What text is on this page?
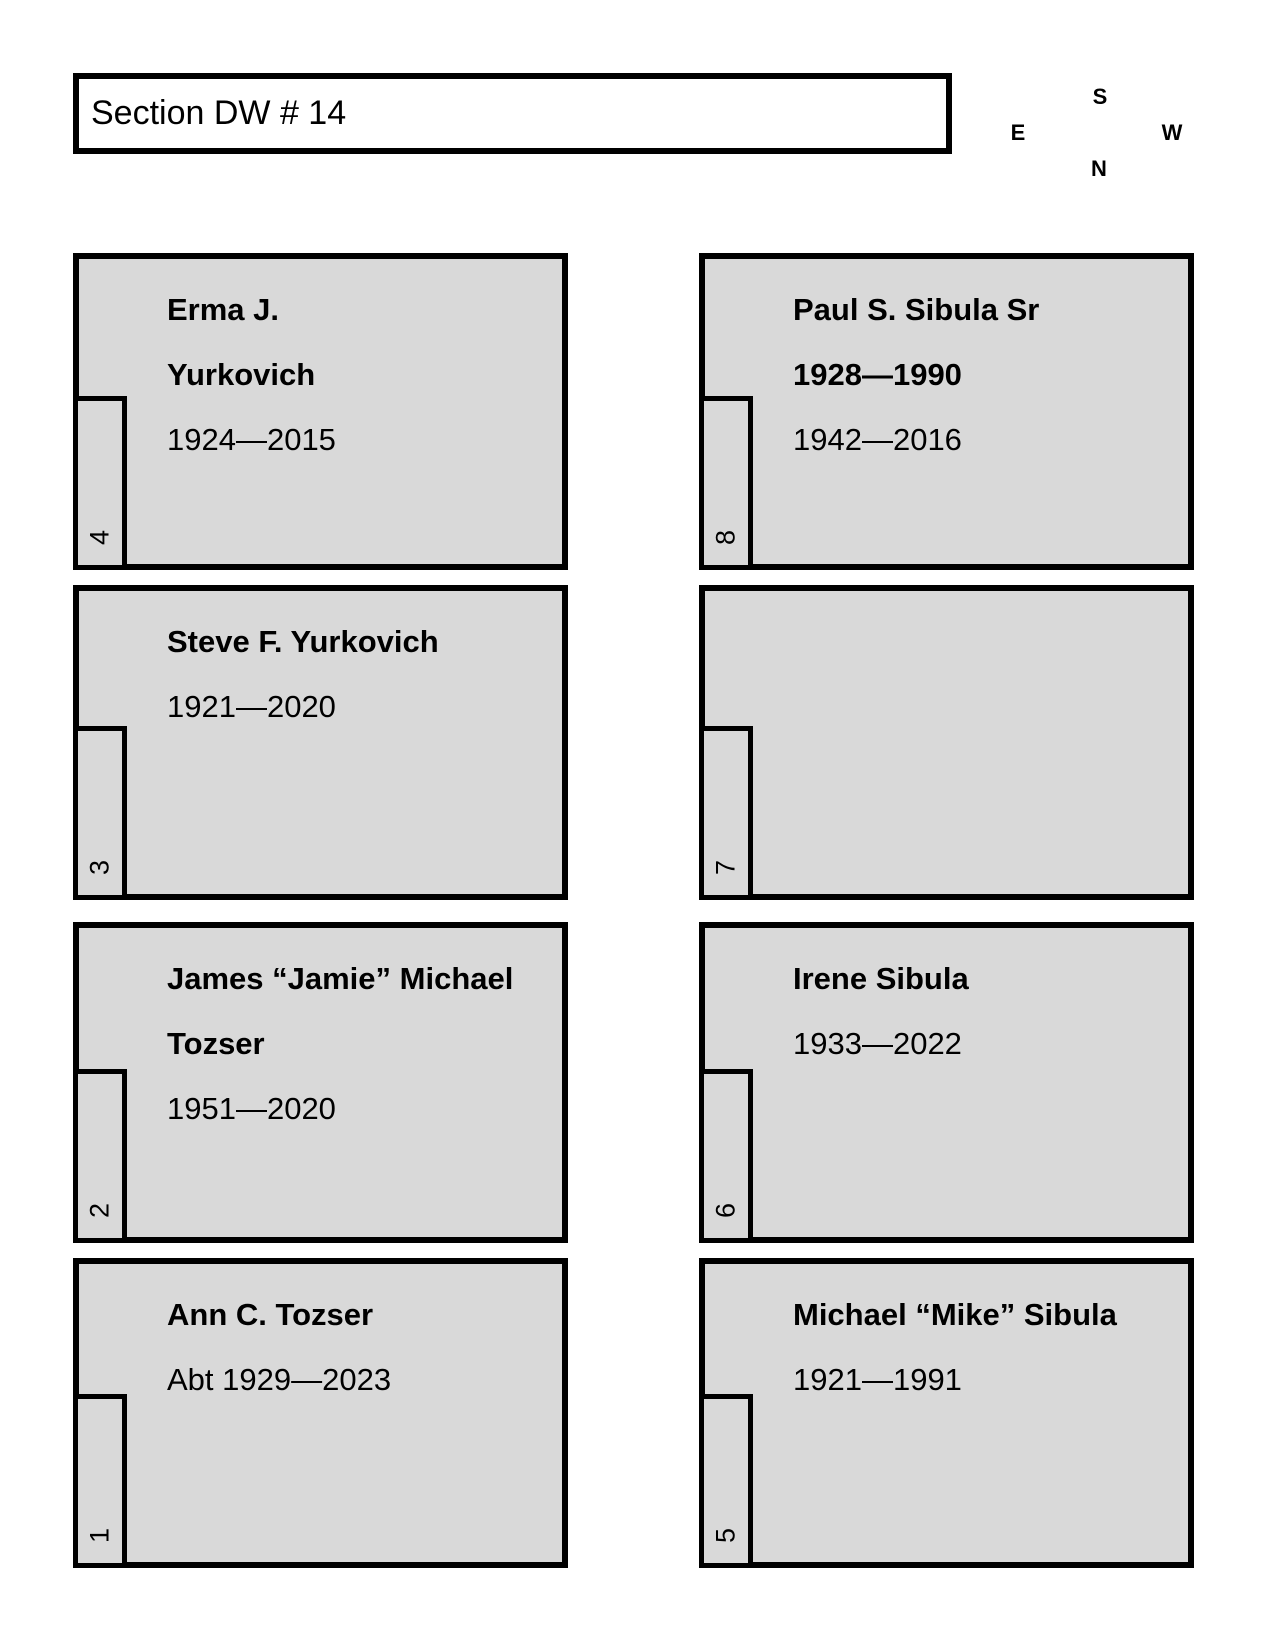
Section DW # 14	S
E	W
N
Erma J.
Yurkovich
1924—2015
4
Paul S. Sibula Sr
1928—1990
1942—2016
8
Steve F. Yurkovich
1921—2020
3	7
James “Jamie” Michael
Tozser
1951—2020
2
Irene Sibula
1933—2022
6
Ann C. Tozser
Abt 1929—2023
1
Michael “Mike” Sibula
1921—1991
5
